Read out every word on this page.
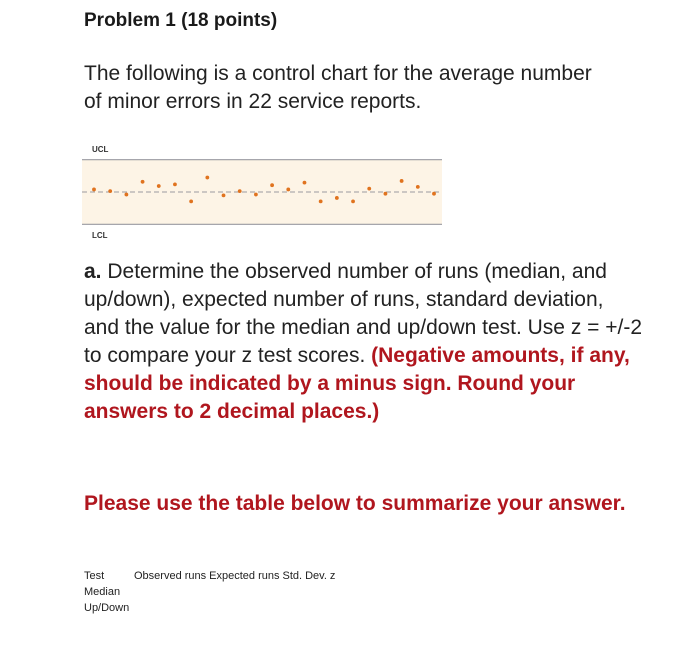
Problem 1 (18 points)
The following is a control chart for the average number of minor errors in 22 service reports.
UCL
LCL
a. Determine the observed number of runs (median, and up/down), expected number of runs, standard deviation, and the value for the median and up/down test. Use z = +/-2 to compare your z test scores. (Negative amounts, if any, should be indicated by a minus sign. Round your answers to 2 decimal places.)
Please use the table below to summarize your answer.
Test	Observed runs Expected runs Std. Dev. z
Median
Up/Down
